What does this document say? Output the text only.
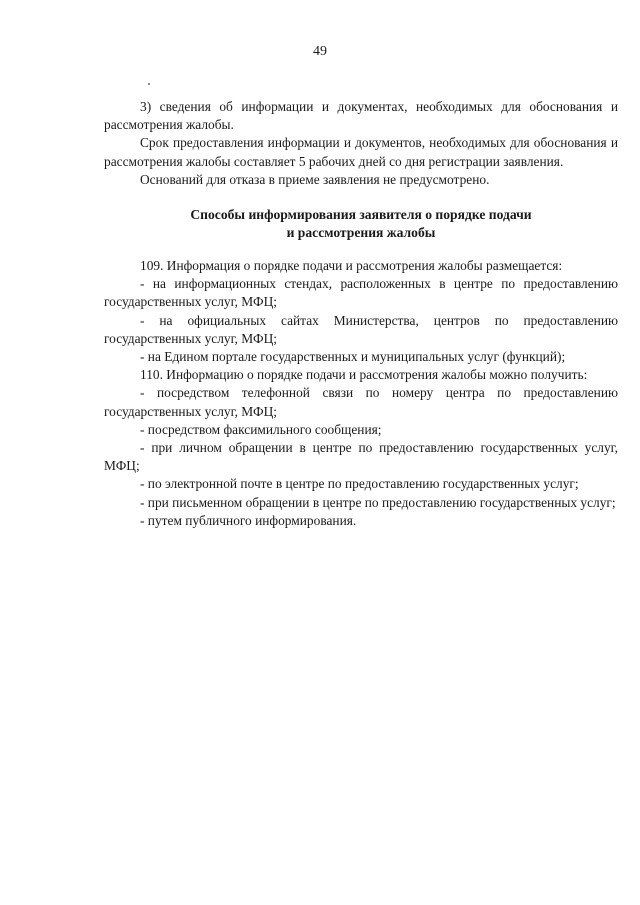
49

3) сведения об информации и документах, необходимых для обоснования и рассмотрения жалобы.

Срок предоставления информации и документов, необходимых для обоснования и рассмотрения жалобы составляет 5 рабочих дней со дня регистрации заявления.

Оснований для отказа в приеме заявления не предусмотрено.

Способы информирования заявителя о порядке подачи
и рассмотрения жалобы

109. Информация о порядке подачи и рассмотрения жалобы размещается:

- на информационных стендах, расположенных в центре по предоставлению государственных услуг, МФЦ;

- на официальных сайтах Министерства, центров по предоставлению государственных услуг, МФЦ;

- на Едином портале государственных и муниципальных услуг (функций);

110. Информацию о порядке подачи и рассмотрения жалобы можно получить:

- посредством телефонной связи по номеру центра по предоставлению государственных услуг, МФЦ;

- посредством факсимильного сообщения;

- при личном обращении в центре по предоставлению государственных услуг, МФЦ;

- по электронной почте в центре по предоставлению государственных услуг;

- при письменном обращении в центре по предоставлению государственных услуг;

- путем публичного информирования.
